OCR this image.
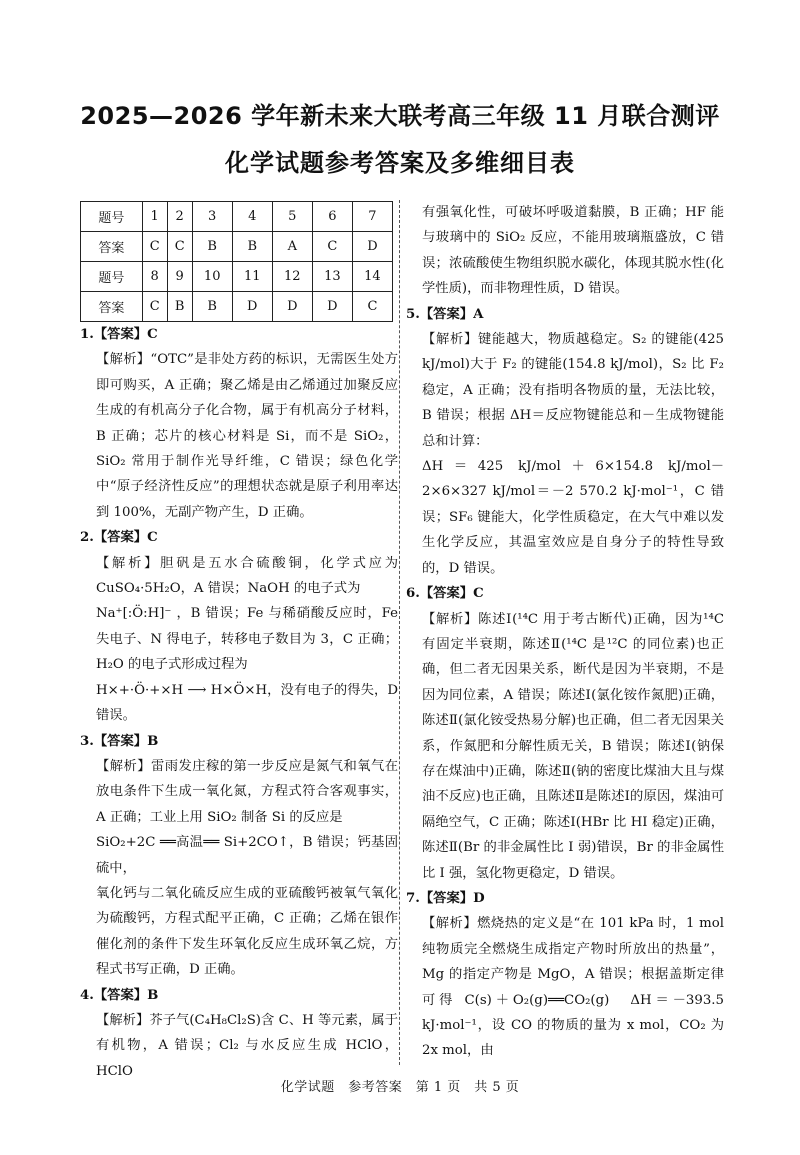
2025—2026 学年新未来大联考高三年级 11 月联合测评
化学试题参考答案及多维细目表
题号	1	2	3	4	5	6	7
答案	C	C	B	B	A	C	D
题号	8	9	10	11	12	13	14
答案	C	B	B	D	D	D	C

1.【答案】C

【解析】“OTC”是非处方药的标识，无需医生处方即可购买，A 正确；聚乙烯是由乙烯通过加聚反应生成的有机高分子化合物，属于有机高分子材料，B 正确；芯片的核心材料是 Si，而不是 SiO₂，SiO₂ 常用于制作光导纤维，C 错误；绿色化学中“原子经济性反应”的理想状态就是原子利用率达到 100%，无副产物产生，D 正确。

2.【答案】C

【解析】胆矾是五水合硫酸铜，化学式应为 CuSO₄·5H₂O，A 错误；NaOH 的电子式为

Na⁺[:Ö:H]⁻ ，B 错误；Fe 与稀硝酸反应时，Fe 失电子、N 得电子，转移电子数目为 3，C 正确；H₂O 的电子式形成过程为

H×+·Ö·+×H ⟶ H×Ö×H，没有电子的得失，D 错误。

3.【答案】B

【解析】雷雨发庄稼的第一步反应是氮气和氧气在放电条件下生成一氧化氮，方程式符合客观事实，A 正确；工业上用 SiO₂ 制备 Si 的反应是

SiO₂+2C ══高温══ Si+2CO↑，B 错误；钙基固硫中，

氧化钙与二氧化硫反应生成的亚硫酸钙被氧气氧化为硫酸钙，方程式配平正确，C 正确；乙烯在银作催化剂的条件下发生环氧化反应生成环氧乙烷，方程式书写正确，D 正确。

4.【答案】B

【解析】芥子气(C₄H₈Cl₂S)含 C、H 等元素，属于有机物，A 错误；Cl₂ 与水反应生成 HClO，HClO

有强氧化性，可破坏呼吸道黏膜，B 正确；HF 能与玻璃中的 SiO₂ 反应，不能用玻璃瓶盛放，C 错误；浓硫酸使生物组织脱水碳化，体现其脱水性(化学性质)，而非物理性质，D 错误。

5.【答案】A

【解析】键能越大，物质越稳定。S₂ 的键能(425 kJ/mol)大于 F₂ 的键能(154.8 kJ/mol)，S₂ 比 F₂ 稳定，A 正确；没有指明各物质的量，无法比较，B 错误；根据 ΔH＝反应物键能总和－生成物键能总和计算：

ΔH＝425 kJ/mol＋6×154.8 kJ/mol－2×6×327 kJ/mol＝－2 570.2 kJ·mol⁻¹，C 错误；SF₆ 键能大，化学性质稳定，在大气中难以发生化学反应，其温室效应是自身分子的特性导致的，D 错误。

6.【答案】C

【解析】陈述Ⅰ(¹⁴C 用于考古断代)正确，因为¹⁴C 有固定半衰期，陈述Ⅱ(¹⁴C 是¹²C 的同位素)也正确，但二者无因果关系，断代是因为半衰期，不是因为同位素，A 错误；陈述Ⅰ(氯化铵作氮肥)正确，陈述Ⅱ(氯化铵受热易分解)也正确，但二者无因果关系，作氮肥和分解性质无关，B 错误；陈述Ⅰ(钠保存在煤油中)正确，陈述Ⅱ(钠的密度比煤油大且与煤油不反应)也正确，且陈述Ⅱ是陈述Ⅰ的原因，煤油可隔绝空气，C 正确；陈述Ⅰ(HBr 比 HI 稳定)正确，陈述Ⅱ(Br 的非金属性比 I 弱)错误，Br 的非金属性比 I 强，氢化物更稳定，D 错误。

7.【答案】D

【解析】燃烧热的定义是“在 101 kPa 时，1 mol 纯物质完全燃烧生成指定产物时所放出的热量”，Mg 的指定产物是 MgO，A 错误；根据盖斯定律可得 C(s)＋O₂(g)══CO₂(g)　ΔH＝－393.5 kJ·mol⁻¹，设 CO 的物质的量为 x mol，CO₂ 为 2x mol，由

化学试题　参考答案　第 1 页　共 5 页
